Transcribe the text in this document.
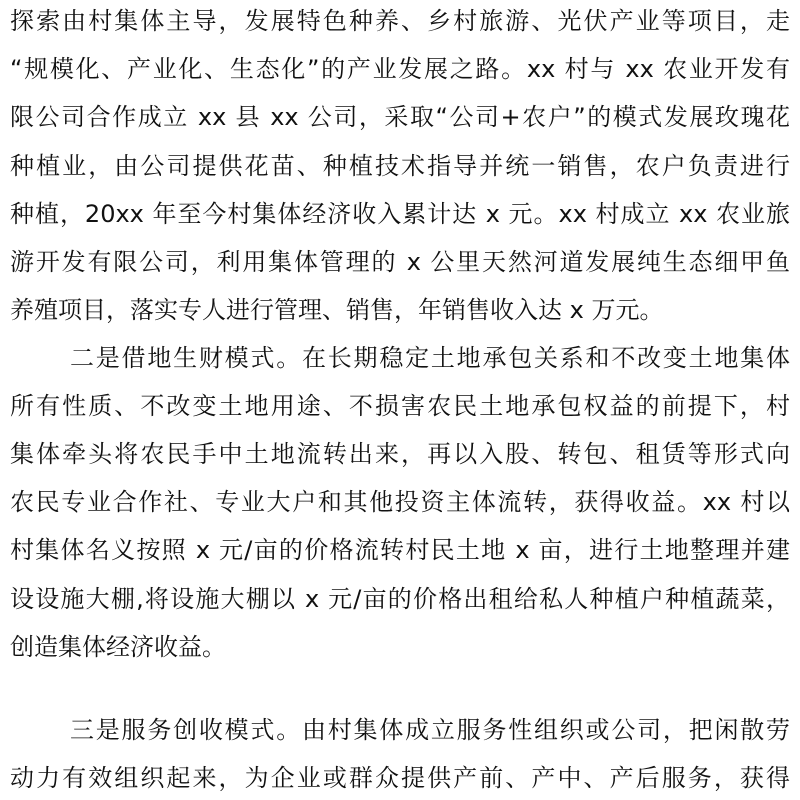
探索由村集体主导，发展特色种养、乡村旅游、光伏产业等项目，走
“规模化、产业化、生态化”的产业发展之路。xx 村与 xx 农业开发有
限公司合作成立 xx 县 xx 公司，采取“公司+农户”的模式发展玫瑰花
种植业，由公司提供花苗、种植技术指导并统一销售，农户负责进行
种植，20xx 年至今村集体经济收入累计达 x 元。xx 村成立 xx 农业旅
游开发有限公司，利用集体管理的 x 公里天然河道发展纯生态细甲鱼
养殖项目，落实专人进行管理、销售，年销售收入达 x 万元。
二是借地生财模式。在长期稳定土地承包关系和不改变土地集体
所有性质、不改变土地用途、不损害农民土地承包权益的前提下，村
集体牵头将农民手中土地流转出来，再以入股、转包、租赁等形式向
农民专业合作社、专业大户和其他投资主体流转，获得收益。xx 村以
村集体名义按照 x 元/亩的价格流转村民土地 x 亩，进行土地整理并建
设设施大棚,将设施大棚以 x 元/亩的价格出租给私人种植户种植蔬菜，
创造集体经济收益。
三是服务创收模式。由村集体成立服务性组织或公司，把闲散劳
动力有效组织起来，为企业或群众提供产前、产中、产后服务，获得
